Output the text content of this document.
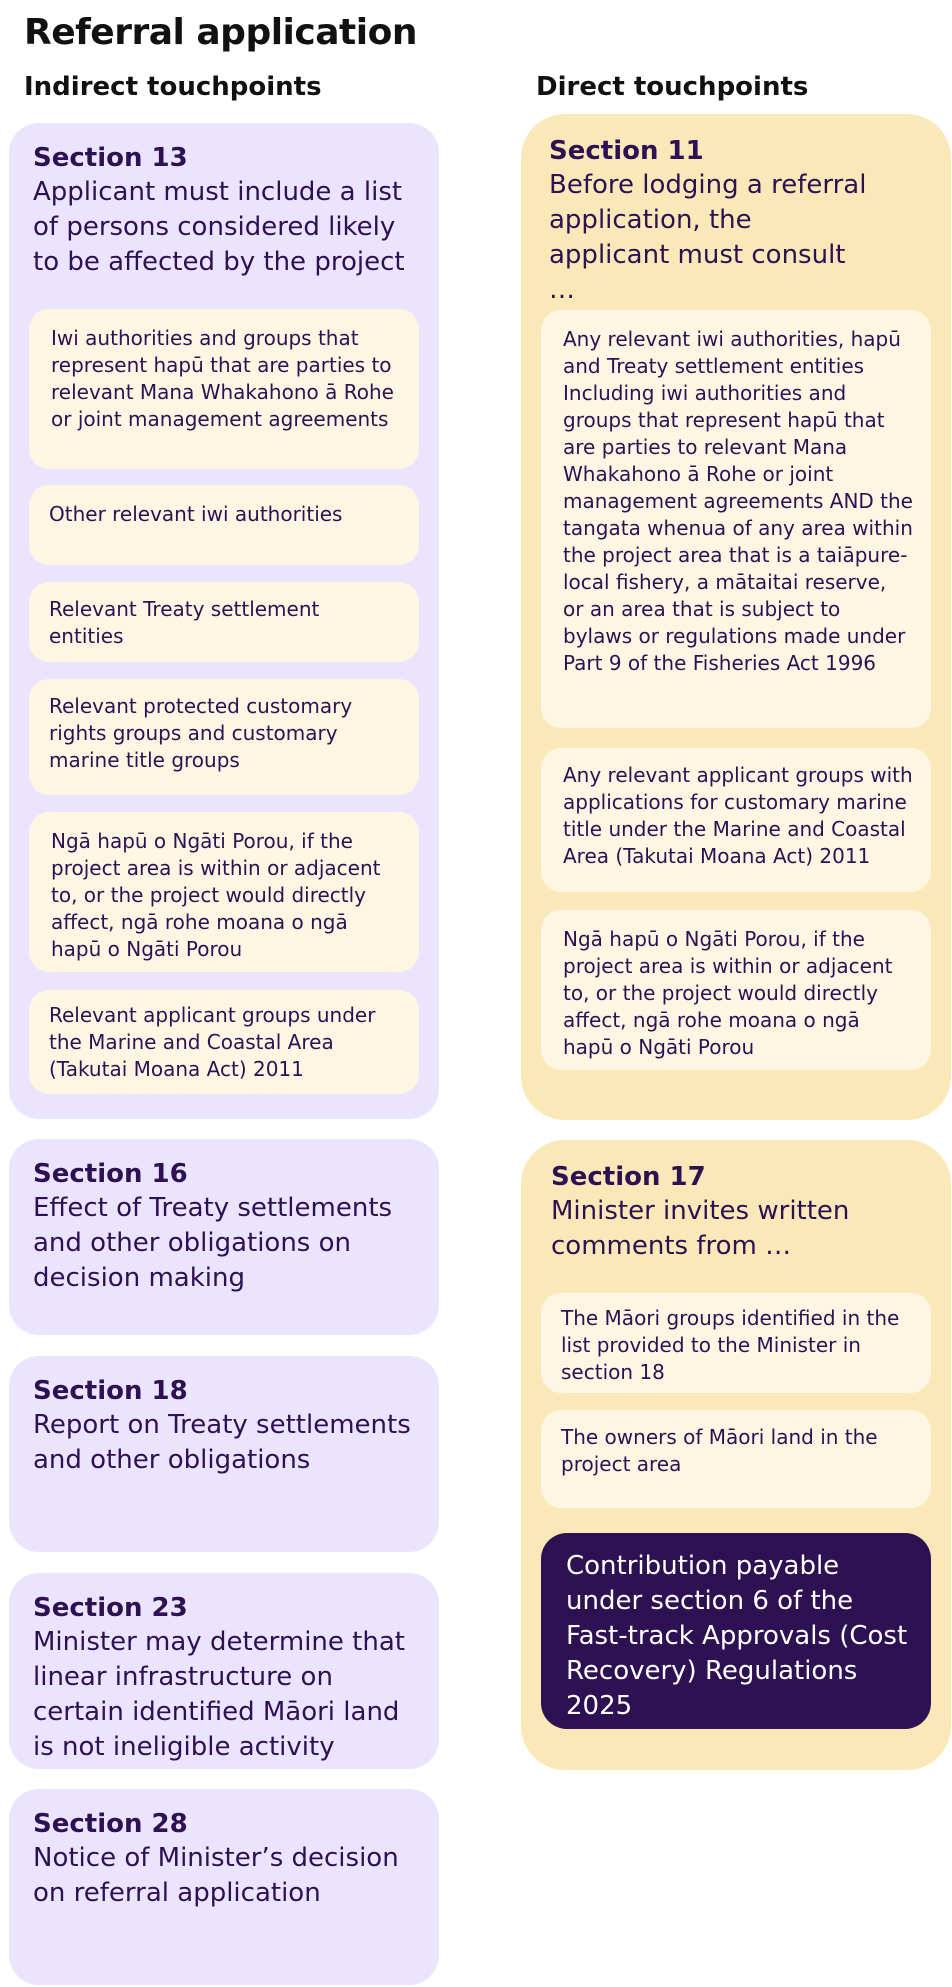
Referral application
Indirect touchpoints	Direct touchpoints
Section 13
Applicant must include a list of persons considered likely to be affected by the project
Iwi authorities and groups that represent hapū that are parties to relevant Mana Whakahono ā Rohe or joint management agreements
Other relevant iwi authorities
Relevant Treaty settlement entities
Relevant protected customary rights groups and customary marine title groups
Ngā hapū o Ngāti Porou, if the project area is within or adjacent to, or the project would directly affect, ngā rohe moana o ngā hapū o Ngāti Porou
Relevant applicant groups under the Marine and Coastal Area (Takutai Moana Act) 2011
Section 16
Effect of Treaty settlements and other obligations on decision making
Section 18
Report on Treaty settlements and other obligations
Section 23
Minister may determine that linear infrastructure on certain identified Māori land is not ineligible activity
Section 28
Notice of Minister’s decision on referral application
Section 11
Before lodging a referral application, the applicant must consult …
Any relevant iwi authorities, hapū and Treaty settlement entities Including iwi authorities and groups that represent hapū that are parties to relevant Mana Whakahono ā Rohe or joint management agreements AND the tangata whenua of any area within the project area that is a taiāpure-local fishery, a mātaitai reserve, or an area that is subject to bylaws or regulations made under Part 9 of the Fisheries Act 1996
Any relevant applicant groups with applications for customary marine title under the Marine and Coastal Area (Takutai Moana Act) 2011
Ngā hapū o Ngāti Porou, if the project area is within or adjacent to, or the project would directly affect, ngā rohe moana o ngā hapū o Ngāti Porou
Section 17
Minister invites written comments from …
The Māori groups identified in the list provided to the Minister in section 18
The owners of Māori land in the project area
Contribution payable under section 6 of the Fast-track Approvals (Cost Recovery) Regulations 2025
